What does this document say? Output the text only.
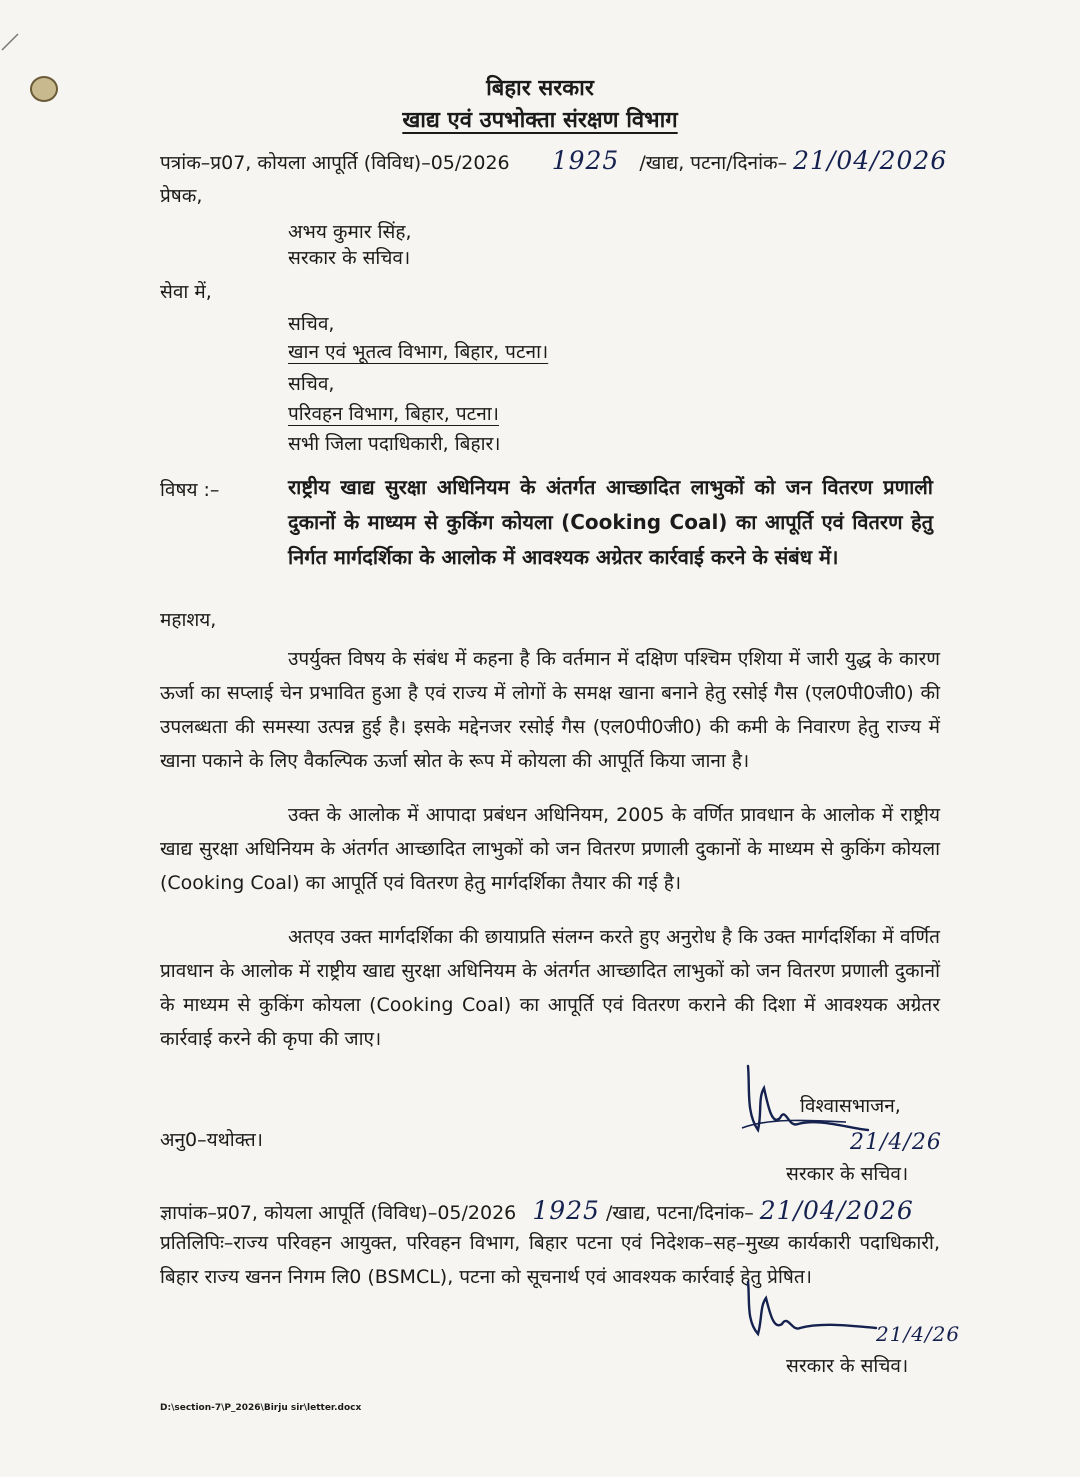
बिहार सरकार
खाद्य एवं उपभोक्ता संरक्षण विभाग
पत्रांक–प्र07, कोयला आपूर्ति (विविध)–05/2026 1925 /खाद्य, पटना/दिनांक– 21/04/2026
प्रेषक,
अभय कुमार सिंह,
सरकार के सचिव।
सेवा में,
सचिव,
खान एवं भूतत्व विभाग, बिहार, पटना।
सचिव,
परिवहन विभाग, बिहार, पटना।
सभी जिला पदाधिकारी, बिहार।
विषय :–	राष्ट्रीय खाद्य सुरक्षा अधिनियम के अंतर्गत आच्छादित लाभुकों को जन वितरण प्रणाली दुकानों के माध्यम से कुकिंग कोयला (Cooking Coal) का आपूर्ति एवं वितरण हेतु निर्गत मार्गदर्शिका के आलोक में आवश्यक अग्रेतर कार्रवाई करने के संबंध में।
महाशय,
उपर्युक्त विषय के संबंध में कहना है कि वर्तमान में दक्षिण पश्चिम एशिया में जारी युद्ध के कारण ऊर्जा का सप्लाई चेन प्रभावित हुआ है एवं राज्य में लोगों के समक्ष खाना बनाने हेतु रसोई गैस (एल0पी0जी0) की उपलब्धता की समस्या उत्पन्न हुई है। इसके मद्देनजर रसोई गैस (एल0पी0जी0) की कमी के निवारण हेतु राज्य में खाना पकाने के लिए वैकल्पिक ऊर्जा स्रोत के रूप में कोयला की आपूर्ति किया जाना है।
उक्त के आलोक में आपादा प्रबंधन अधिनियम, 2005 के वर्णित प्रावधान के आलोक में राष्ट्रीय खाद्य सुरक्षा अधिनियम के अंतर्गत आच्छादित लाभुकों को जन वितरण प्रणाली दुकानों के माध्यम से कुकिंग कोयला (Cooking Coal) का आपूर्ति एवं वितरण हेतु मार्गदर्शिका तैयार की गई है।
अतएव उक्त मार्गदर्शिका की छायाप्रति संलग्न करते हुए अनुरोध है कि उक्त मार्गदर्शिका में वर्णित प्रावधान के आलोक में राष्ट्रीय खाद्य सुरक्षा अधिनियम के अंतर्गत आच्छादित लाभुकों को जन वितरण प्रणाली दुकानों के माध्यम से कुकिंग कोयला (Cooking Coal) का आपूर्ति एवं वितरण कराने की दिशा में आवश्यक अग्रेतर कार्रवाई करने की कृपा की जाए।
विश्वासभाजन,
अनु0–यथोक्त।	21/4/26
सरकार के सचिव।
ज्ञापांक–प्र07, कोयला आपूर्ति (विविध)–05/2026 1925 /खाद्य, पटना/दिनांक– 21/04/2026
प्रतिलिपिः–राज्य परिवहन आयुक्त, परिवहन विभाग, बिहार पटना एवं निदेशक–सह–मुख्य कार्यकारी पदाधिकारी, बिहार राज्य खनन निगम लि0 (BSMCL), पटना को सूचनार्थ एवं आवश्यक कार्रवाई हेतु प्रेषित।
21/4/26
सरकार के सचिव।
D:\section-7\P_2026\Birju sir\letter.docx
